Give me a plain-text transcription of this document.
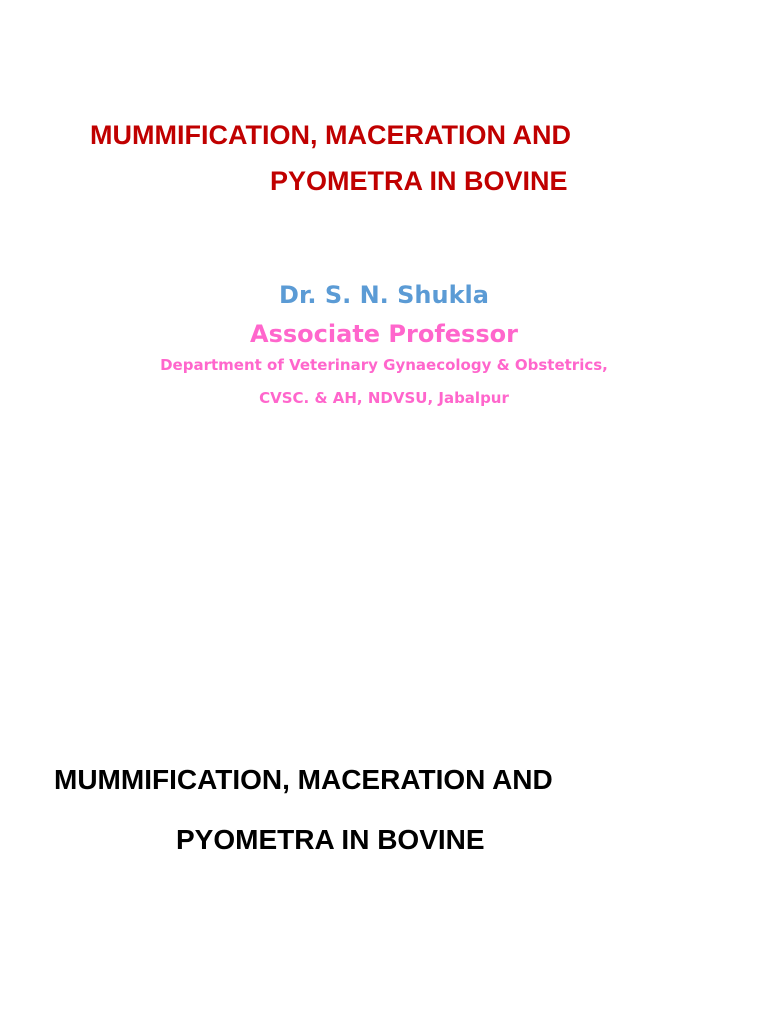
MUMMIFICATION, MACERATION AND
PYOMETRA IN BOVINE
Dr. S. N. Shukla
Associate Professor
Department of Veterinary Gynaecology & Obstetrics,
CVSC. & AH, NDVSU, Jabalpur
MUMMIFICATION, MACERATION AND
PYOMETRA IN BOVINE
